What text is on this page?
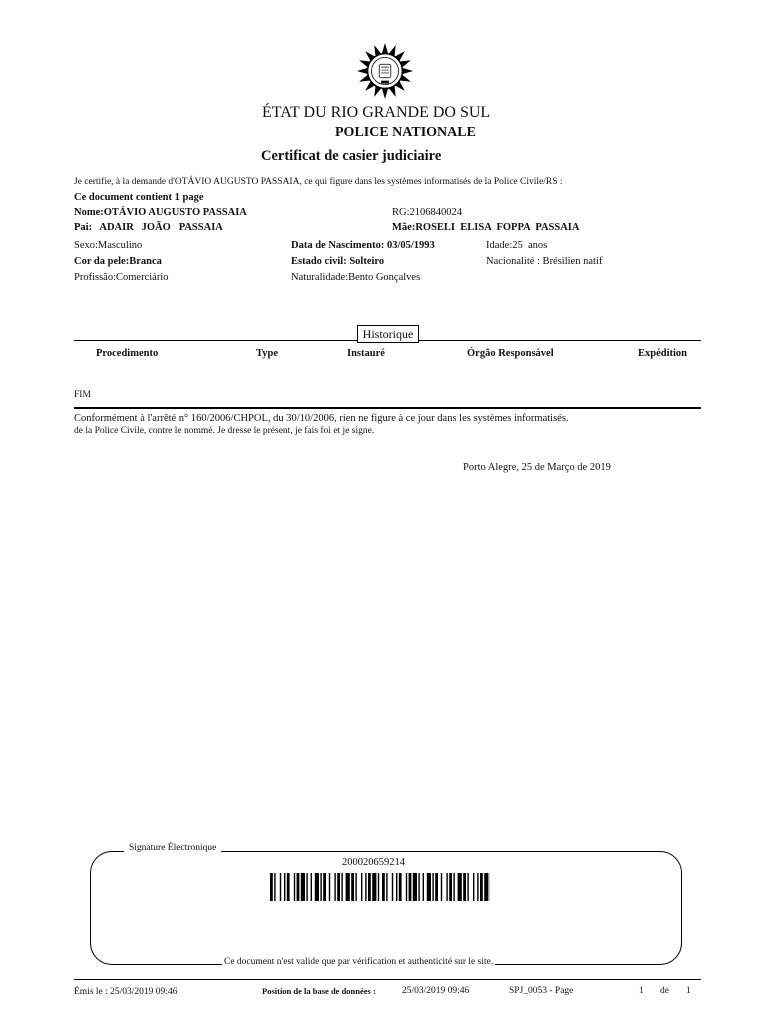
ÉTAT DU RIO GRANDE DO SUL
POLICE NATIONALE
Certificat de casier judiciaire
Je certifie, à la demande d'OTÁVIO AUGUSTO PASSAIA, ce qui figure dans les systèmes informatisés de la Police Civile/RS :
Ce document contient 1 page
Nome:OTÁVIO AUGUSTO PASSAIA	RG:2106840024
Pai: ADAIR   JOÃO   PASSAIA	Mãe:ROSELI  ELISA  FOPPA  PASSAIA
Sexo:Masculino	Data de Nascimento: 03/05/1993	Idade:25  anos
Cor da pele:Branca	Estado civil: Solteiro	Nacionalité : Brésilien natif
Profissão:Comerciário	Naturalidade:Bento Gonçalves
Historique
Procedimento	Type	Instauré	Órgão Responsável	Expédition
FIM
Conformément à l'arrêté n° 160/2006/CHPOL, du 30/10/2006, rien ne figure à ce jour dans les systèmes informatisés.
de la Police Civile, contre le nommé. Je dresse le présent, je fais foi et je signe.
Porto Alegre, 25 de Março de 2019
Signature Électronique
200020659214
Ce document n'est valide que par vérification et authenticité sur le site.
Émis le : 25/03/2019 09:46	Position de la base de données :	25/03/2019 09:46	SPJ_0053 - Page	1 de 1
